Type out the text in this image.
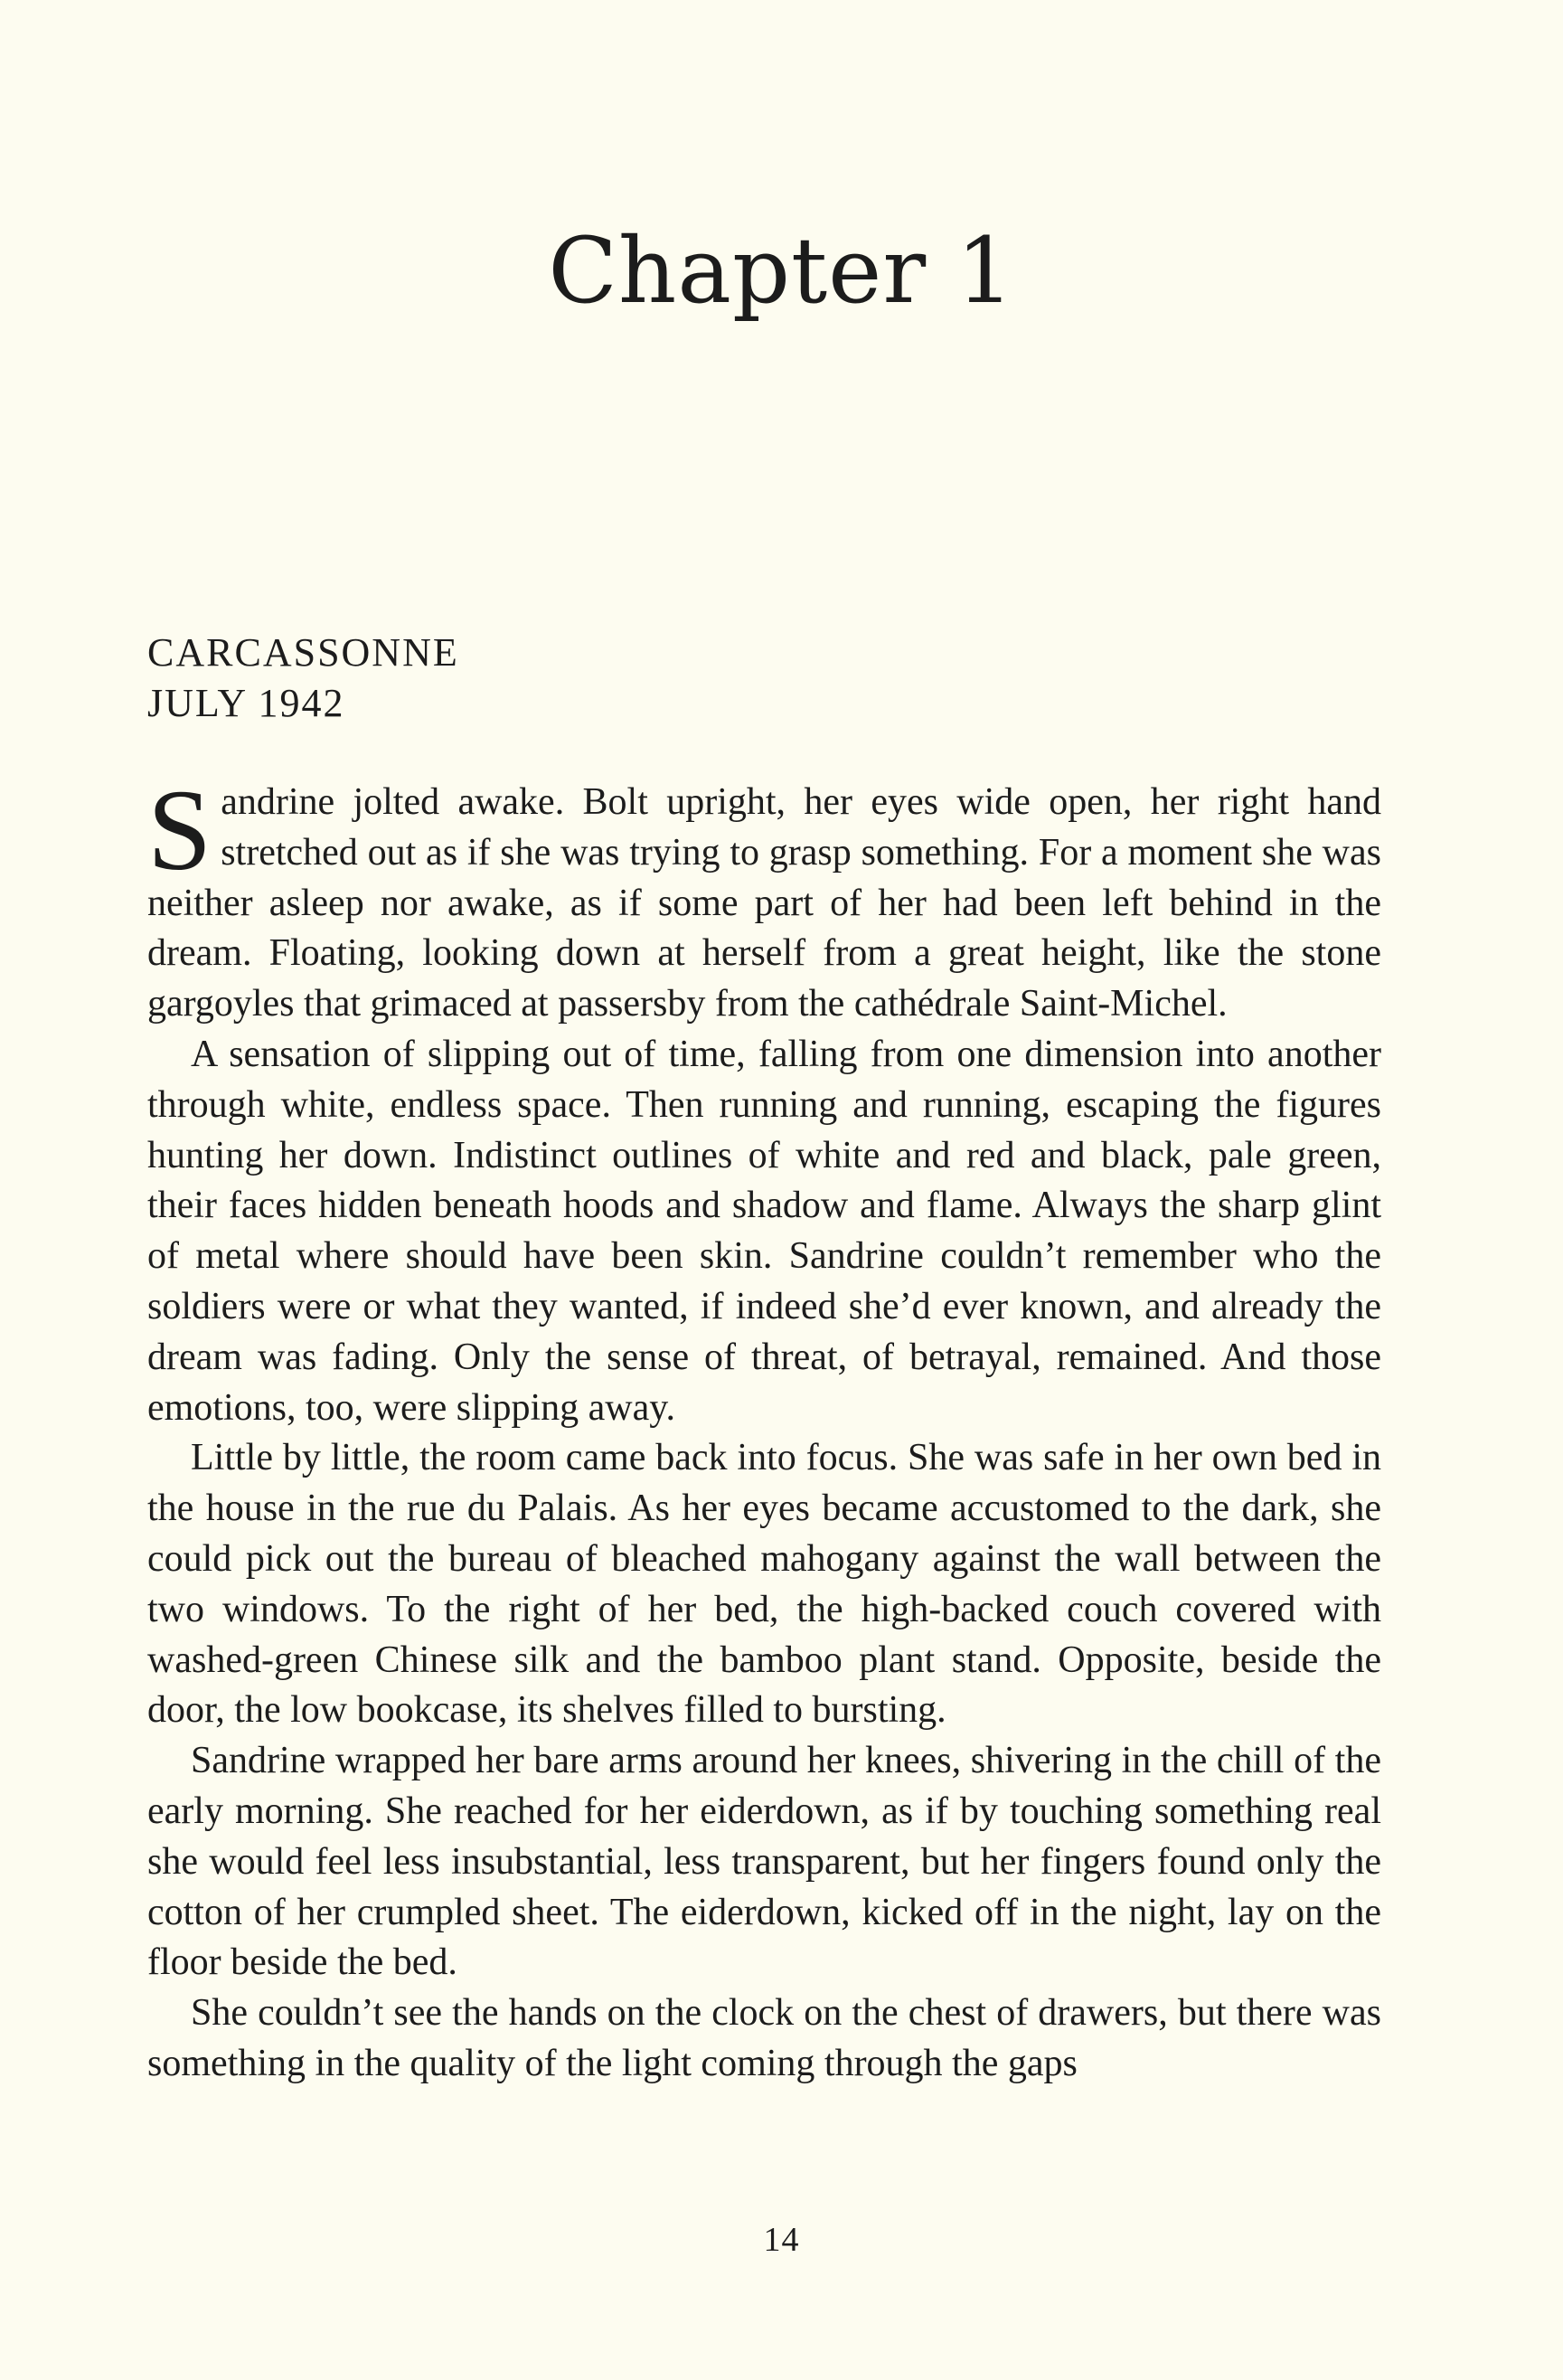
Chapter 1
CARCASSONNE
JULY 1942

Sandrine jolted awake. Bolt upright, her eyes wide open, her right hand stretched out as if she was trying to grasp something. For a moment she was neither asleep nor awake, as if some part of her had been left behind in the dream. Floating, looking down at herself from a great height, like the stone gargoyles that grimaced at passersby from the cathédrale Saint-Michel.

A sensation of slipping out of time, falling from one dimension into another through white, endless space. Then running and running, escaping the figures hunting her down. Indistinct outlines of white and red and black, pale green, their faces hidden beneath hoods and shadow and flame. Always the sharp glint of metal where should have been skin. Sandrine couldn’t remember who the soldiers were or what they wanted, if indeed she’d ever known, and already the dream was fading. Only the sense of threat, of betrayal, remained. And those emotions, too, were slipping away.

Little by little, the room came back into focus. She was safe in her own bed in the house in the rue du Palais. As her eyes became accustomed to the dark, she could pick out the bureau of bleached mahogany against the wall between the two windows. To the right of her bed, the high-backed couch covered with washed-green Chinese silk and the bamboo plant stand. Opposite, beside the door, the low bookcase, its shelves filled to bursting.

Sandrine wrapped her bare arms around her knees, shivering in the chill of the early morning. She reached for her eiderdown, as if by touching something real she would feel less insubstantial, less transparent, but her fingers found only the cotton of her crumpled sheet. The eiderdown, kicked off in the night, lay on the floor beside the bed.

She couldn’t see the hands on the clock on the chest of drawers, but there was something in the quality of the light coming through the gaps

14
